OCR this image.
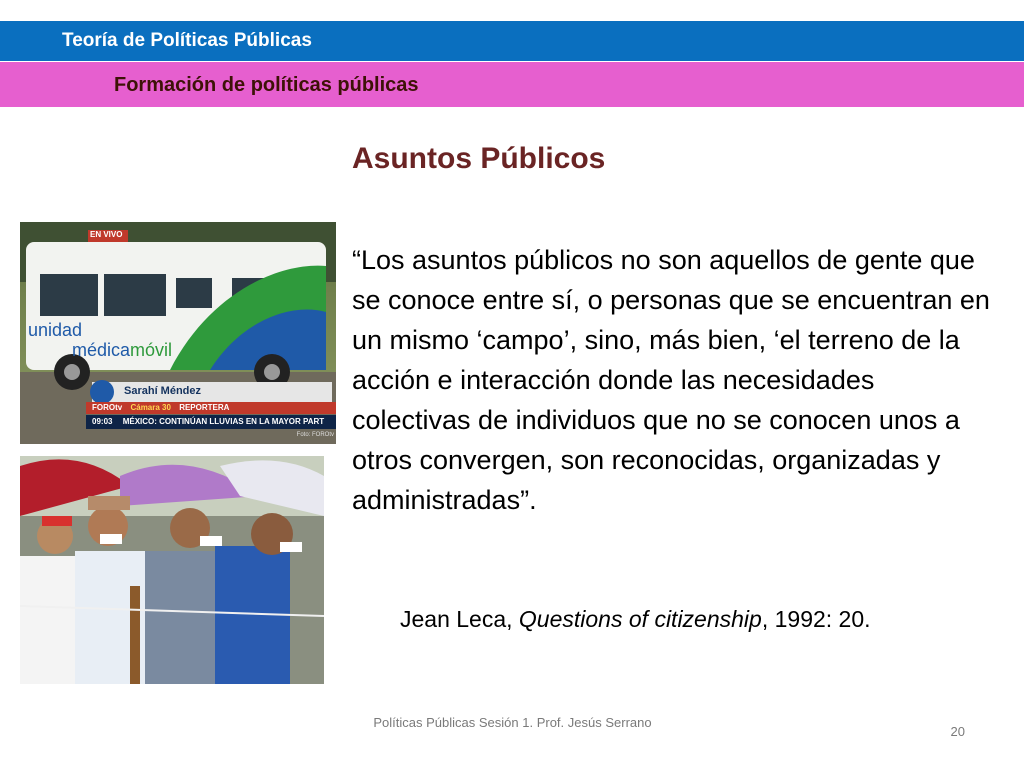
Teoría de Políticas Públicas
Formación de políticas públicas
Asuntos Públicos
EN VIVO
unidad
médicamóvil
Sarahí Méndez
FOROtv Cámara 30 REPORTERA
09:03 MÉXICO: CONTINÚAN LLUVIAS EN LA MAYOR PART
Foto: FOROtv
“Los asuntos públicos no son aquellos de gente que se conoce entre sí, o personas que se encuentran en un mismo ‘campo’, sino, más bien, ‘el terreno de la acción e interacción donde las necesidades colectivas de individuos que no se conocen unos a otros convergen, son reconocidas, organizadas y administradas”.
Jean Leca, Questions of citizenship, 1992: 20.
Políticas Públicas Sesión 1. Prof. Jesús Serrano
20
